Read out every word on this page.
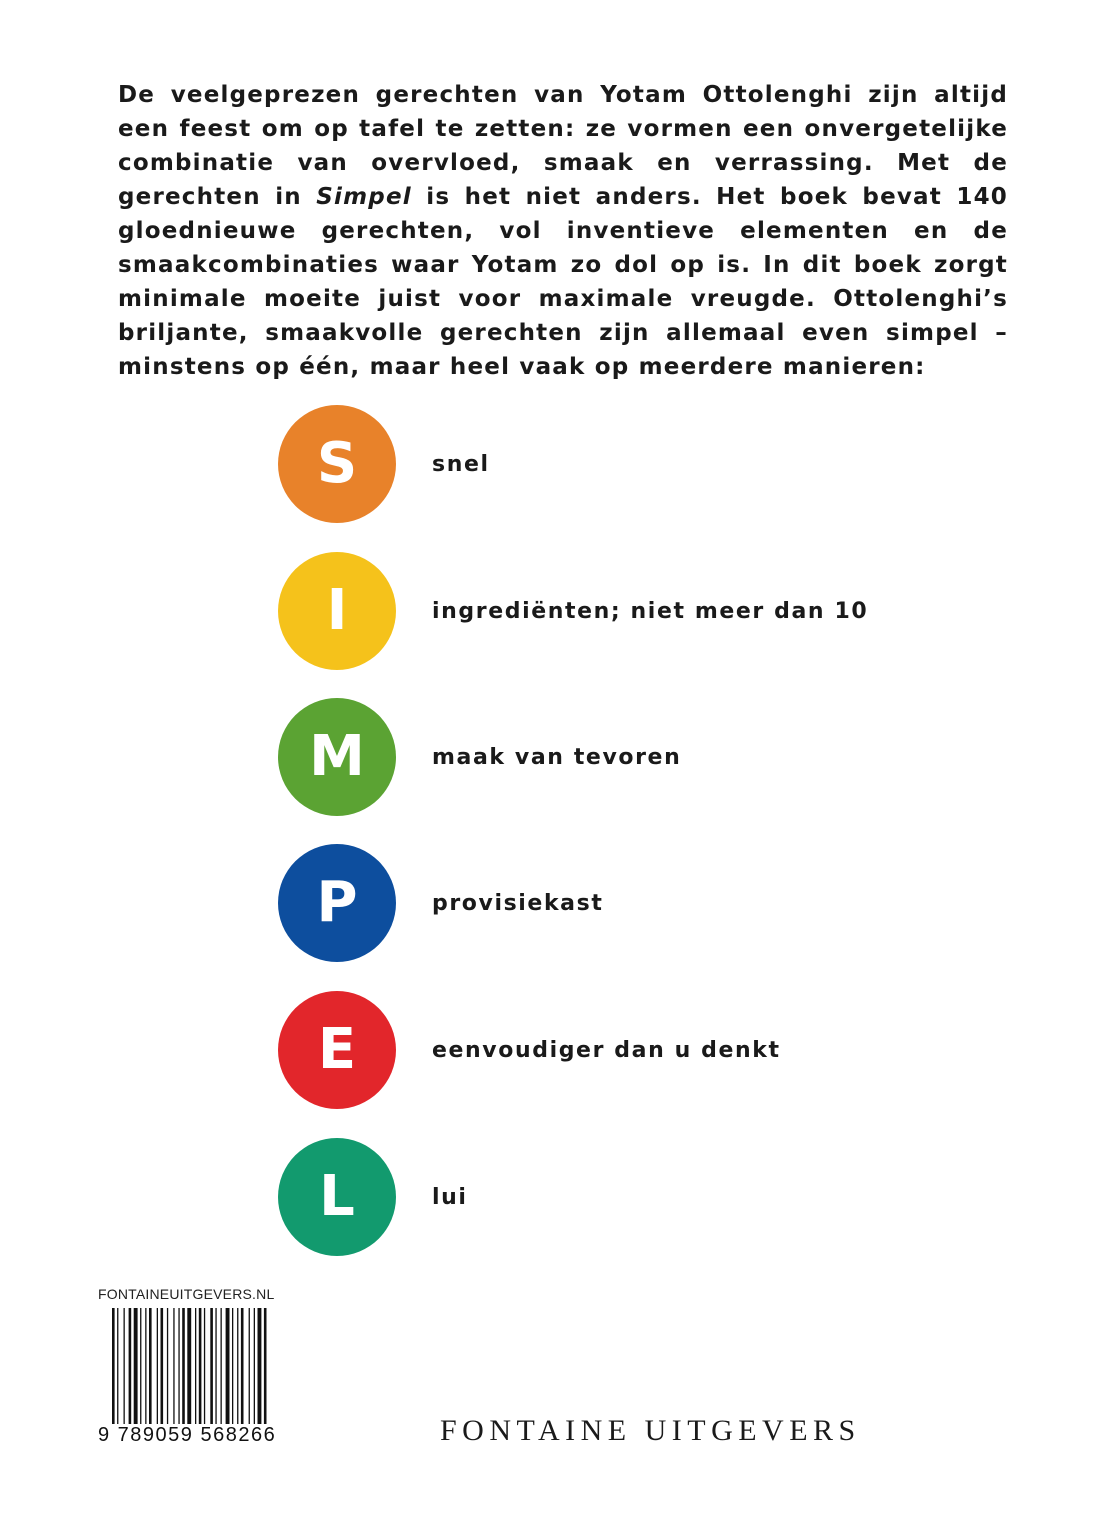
De veelgeprezen gerechten van Yotam Ottolenghi zijn altijd een feest om op tafel te zetten: ze vormen een onvergetelijke combinatie van overvloed, smaak en verrassing. Met de gerechten in Simpel is het niet anders. Het boek bevat 140 gloednieuwe gerechten, vol inventieve elementen en de smaakcombinaties waar Yotam zo dol op is. In dit boek zorgt minimale moeite juist voor maximale vreugde. Ottolenghi’s briljante, smaakvolle gerechten zijn allemaal even simpel – minstens op één, maar heel vaak op meerdere manieren:

S	snel
I	ingrediënten; niet meer dan 10
M	maak van tevoren
P	provisiekast
E	eenvoudiger dan u denkt
L	lui
FONTAINEUITGEVERS.NL
9 789059 568266	FONTAINE UITGEVERS
